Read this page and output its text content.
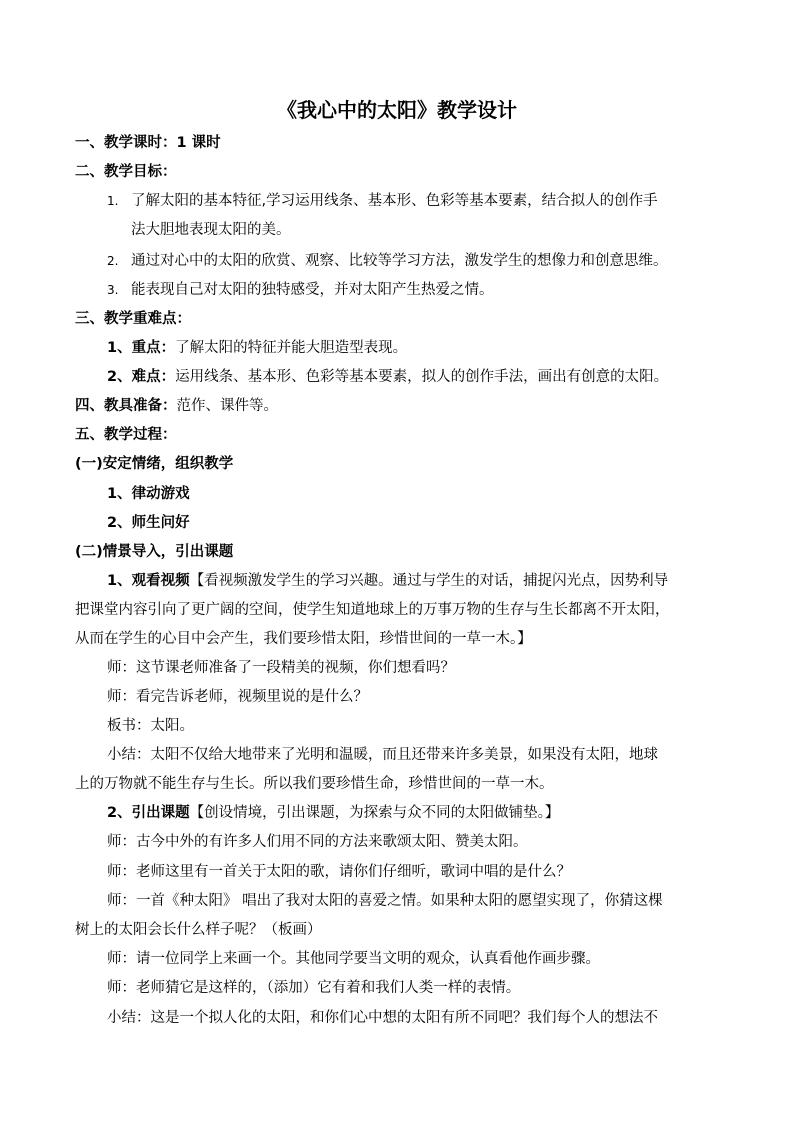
《我心中的太阳》教学设计
一、教学课时：1 课时
二、教学目标：
1. 了解太阳的基本特征,学习运用线条、基本形、色彩等基本要素，结合拟人的创作手
法大胆地表现太阳的美。
2. 通过对心中的太阳的欣赏、观察、比较等学习方法，激发学生的想像力和创意思维。
3. 能表现自己对太阳的独特感受，并对太阳产生热爱之情。
三、教学重难点：
1、重点：了解太阳的特征并能大胆造型表现。
2、难点：运用线条、基本形、色彩等基本要素，拟人的创作手法，画出有创意的太阳。
四、教具准备：范作、课件等。
五、教学过程：
(一)安定情绪，组织教学
1、律动游戏
2、师生问好
(二)情景导入，引出课题
1、观看视频【看视频激发学生的学习兴趣。通过与学生的对话，捕捉闪光点，因势利导
把课堂内容引向了更广阔的空间，使学生知道地球上的万事万物的生存与生长都离不开太阳，
从而在学生的心目中会产生，我们要珍惜太阳，珍惜世间的一草一木。】
师：这节课老师准备了一段精美的视频，你们想看吗？
师：看完告诉老师，视频里说的是什么？
板书：太阳。
小结：太阳不仅给大地带来了光明和温暖，而且还带来许多美景，如果没有太阳，地球
上的万物就不能生存与生长。所以我们要珍惜生命，珍惜世间的一草一木。
2、引出课题【创设情境，引出课题，为探索与众不同的太阳做铺垫。】
师：古今中外的有许多人们用不同的方法来歌颂太阳、赞美太阳。
师：老师这里有一首关于太阳的歌，请你们仔细听，歌词中唱的是什么？
师：一首《种太阳》 唱出了我对太阳的喜爱之情。如果种太阳的愿望实现了，你猜这棵
树上的太阳会长什么样子呢？（板画）
师：请一位同学上来画一个。其他同学要当文明的观众，认真看他作画步骤。
师：老师猜它是这样的，（添加）它有着和我们人类一样的表情。
小结：这是一个拟人化的太阳，和你们心中想的太阳有所不同吧？我们每个人的想法不
